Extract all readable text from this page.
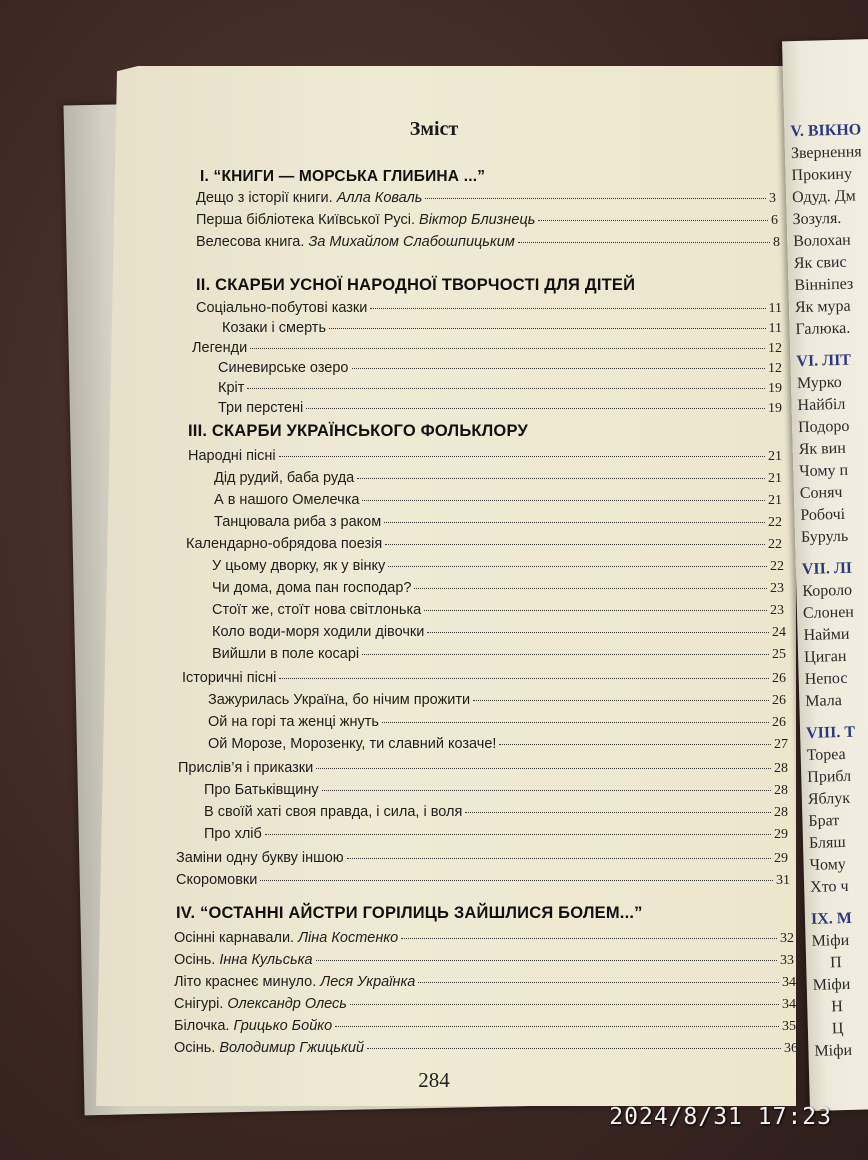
V. ВІКНО
Звернення
Прокину
Одуд. Дм
Зозуля.
Волохан
Як свис
Вінніпез
Як мура
Галюка.
VI. ЛІТ
Мурко
Найбіл
Подоро
Як вин
Чому п
Соняч
Робочі
Буруль
VII. ЛІ
Короло
Слонен
Найми
Циган
Непос
Мала
VIII. Т
Тореа
Прибл
Яблук
Брат
Бляш
Чому
Хто ч
IX. М
Міфи
П
Міфи
Н
Ц
Міфи
Зміст
I. “КНИГИ — МОРСЬКА ГЛИБИНА ...”
Дещо з історії книги. Алла Коваль	3
Перша бібліотека Київської Русі. Віктор Близнець	6
Велесова книга. За Михайлом Слабошпицьким	8
II. СКАРБИ УСНОЇ НАРОДНОЇ ТВОРЧОСТІ ДЛЯ ДІТЕЙ
Соціально-побутові казки	11
Козаки і смерть	11
Легенди	12
Синевирське озеро	12
Кріт	19
Три перстені	19
III. СКАРБИ УКРАЇНСЬКОГО ФОЛЬКЛОРУ
Народні пісні	21
Дід рудий, баба руда	21
А в нашого Омелечка	21
Танцювала риба з раком	22
Календарно-обрядова поезія	22
У цьому дворку, як у вінку	22
Чи дома, дома пан господар?	23
Стоїт же, стоїт нова світлонька	23
Коло води-моря ходили дівочки	24
Вийшли в поле косарі	25
Історичні пісні	26
Зажурилась Україна, бо нічим прожити	26
Ой на горі та женці жнуть	26
Ой Морозе, Морозенку, ти славний козаче!	27
Прислів’я і приказки	28
Про Батьківщину	28
В своїй хаті своя правда, і сила, і воля	28
Про хліб	29
Заміни одну букву іншою	29
Скоромовки	31
IV. “ОСТАННІ АЙСТРИ ГОРІЛИЦЬ ЗАЙШЛИСЯ БОЛЕМ...”
Осінні карнавали. Ліна Костенко	32
Осінь. Інна Кульська	33
Літо краснеє минуло. Леся Українка	34
Снігурі. Олександр Олесь	34
Білочка. Грицько Бойко	35
Осінь. Володимир Гжицький	36
284
2024/8/31 17:23
